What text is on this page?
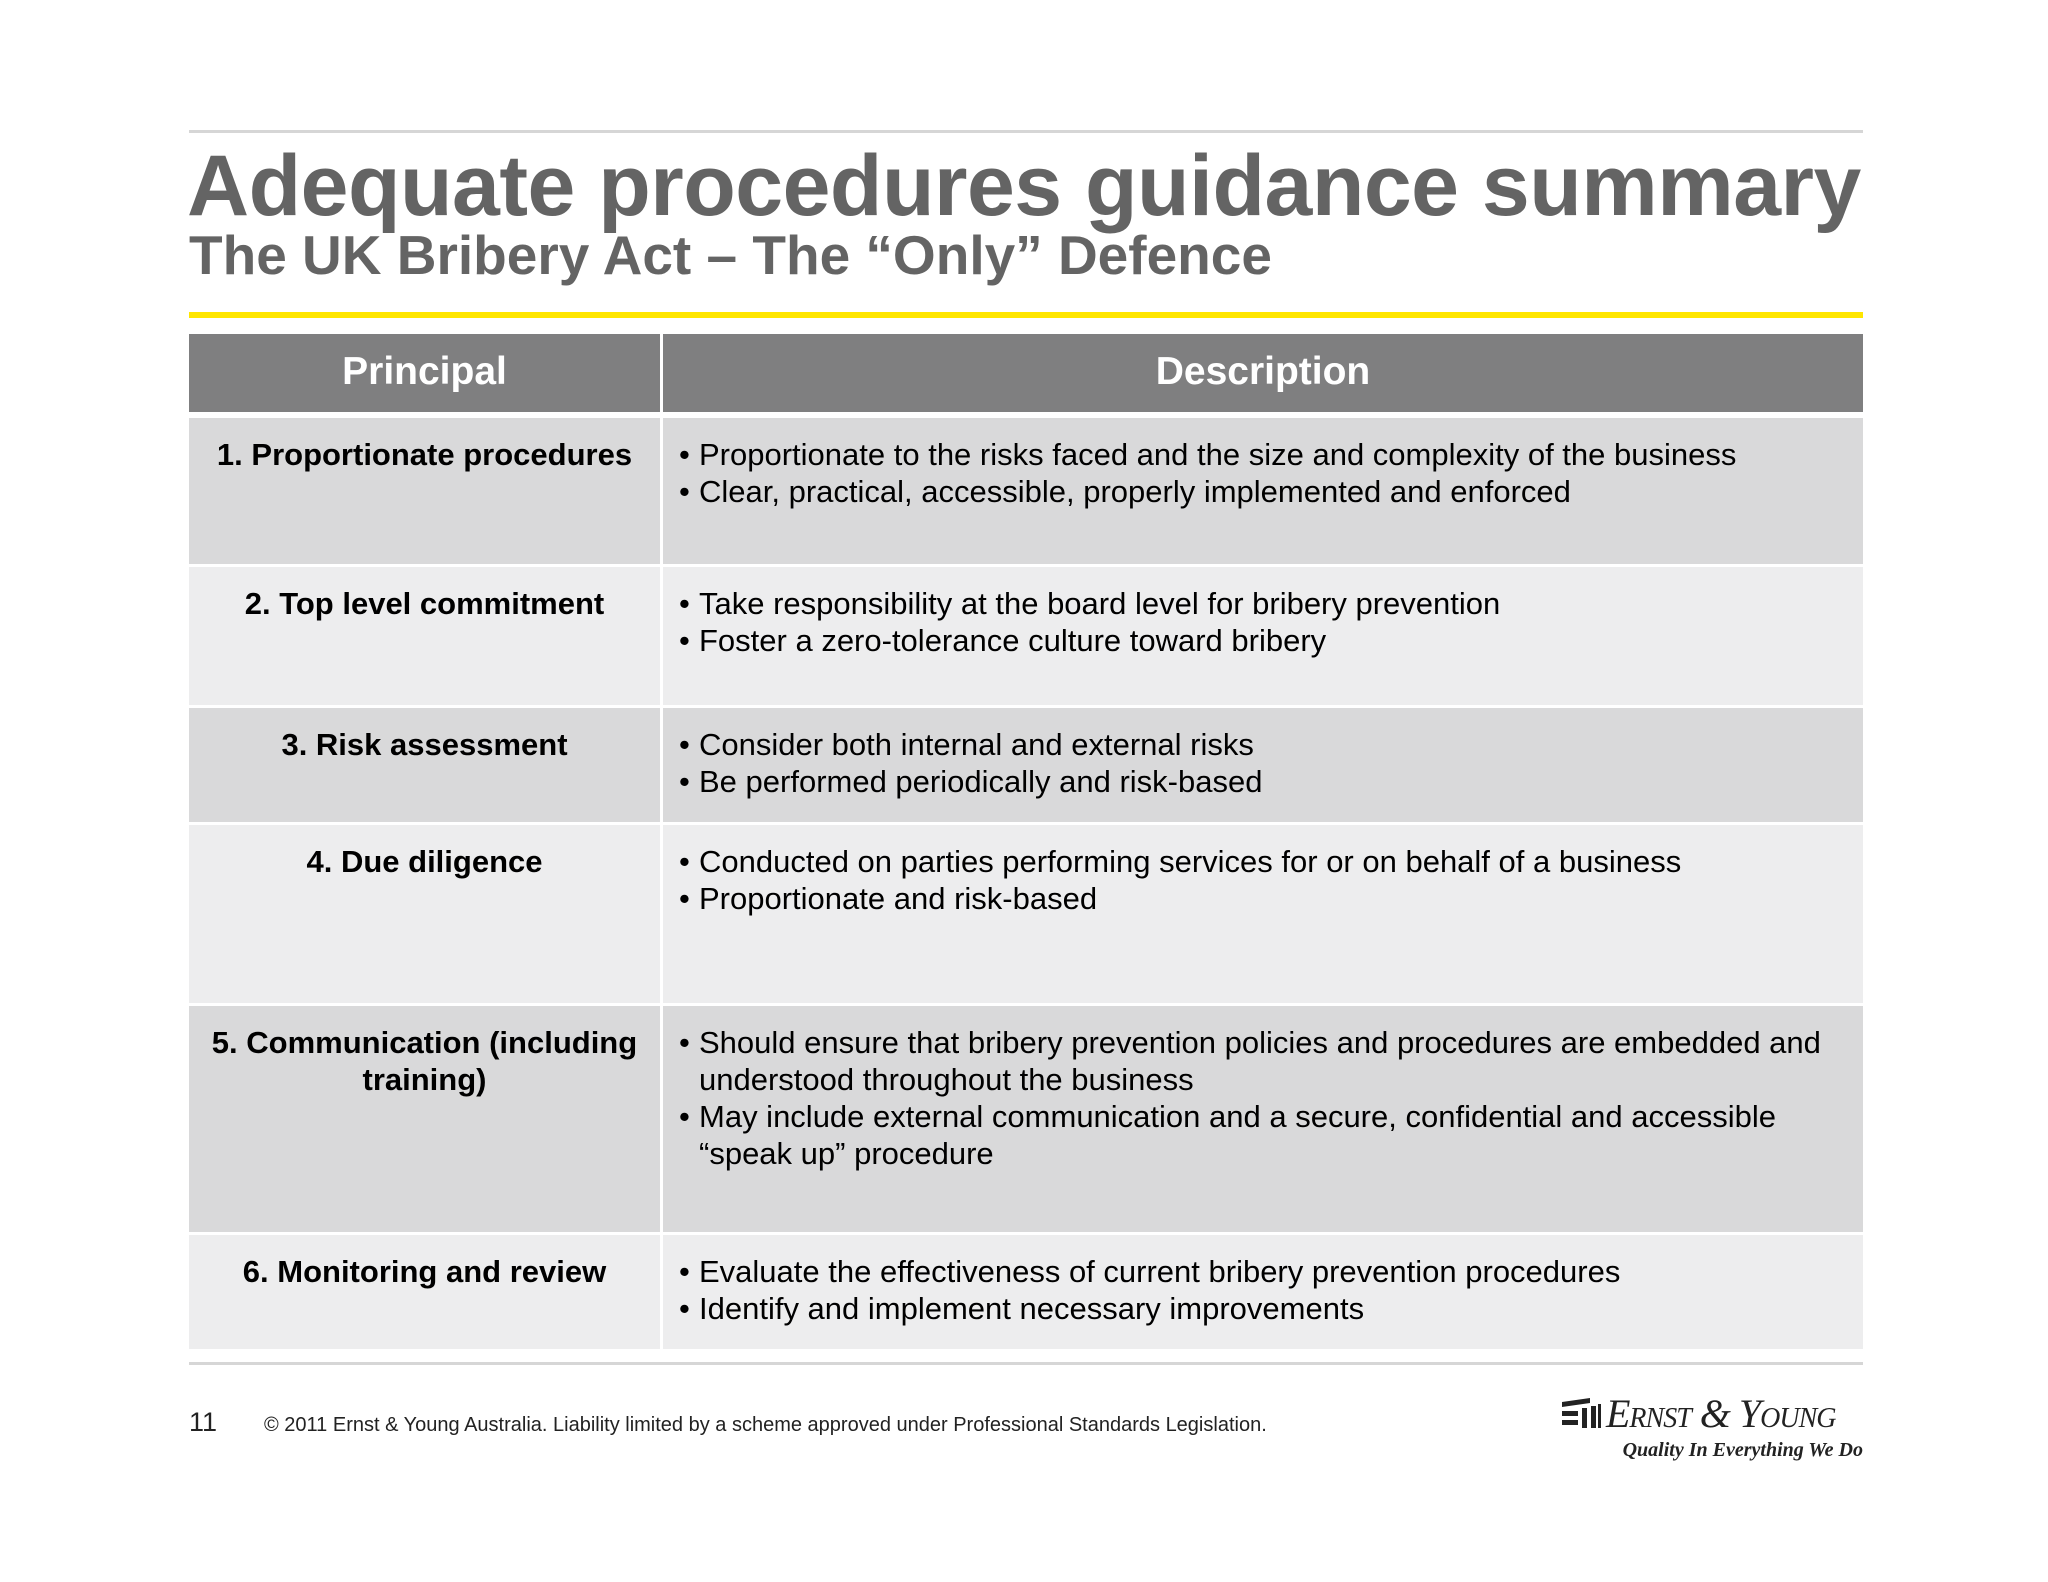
Adequate procedures guidance summary
The UK Bribery Act – The “Only” Defence
Principal	Description
1. Proportionate procedures	• Proportionate to the risks faced and the size and complexity of the business
• Clear, practical, accessible, properly implemented and enforced
2. Top level commitment	• Take responsibility at the board level for bribery prevention
• Foster a zero-tolerance culture toward bribery
3. Risk assessment	• Consider both internal and external risks
• Be performed periodically and risk-based
4. Due diligence	• Conducted on parties performing services for or on behalf of a business
• Proportionate and risk-based
5. Communication (including training)
• Should ensure that bribery prevention policies and procedures are embedded and understood throughout the business
• May include external communication and a secure, confidential and accessible “speak up” procedure
6. Monitoring and review	• Evaluate the effectiveness of current bribery prevention procedures
• Identify and implement necessary improvements
11 © 2011 Ernst & Young Australia. Liability limited by a scheme approved under Professional Standards Legislation.	Ernst & Young
Quality In Everything We Do
